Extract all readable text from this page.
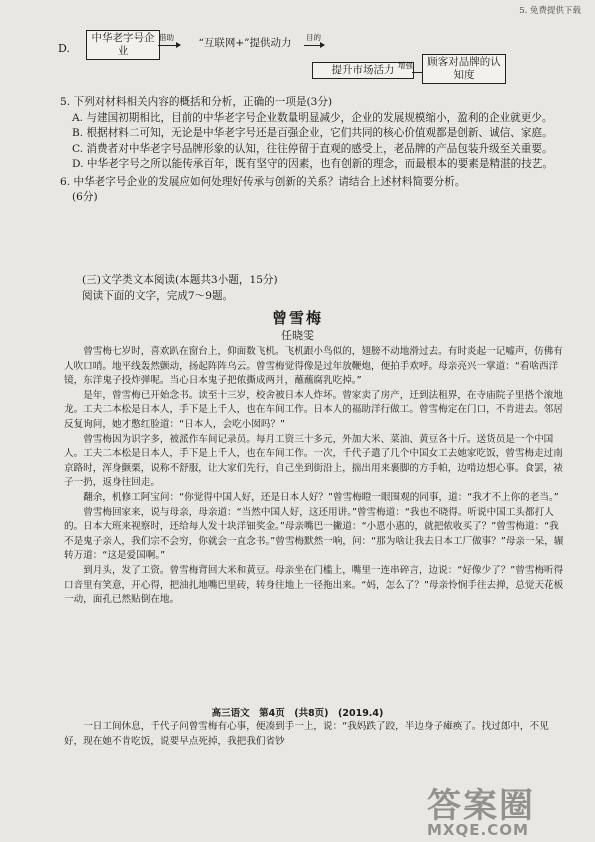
5. 免费提供下载
D.
中华老字号企业
借助	“互联网+”提供动力	目的
提升市场活力 增强	顾客对品牌的认知度
5. 下列对材料相关内容的概括和分析，正确的一项是(3分)
A. 与建国初期相比，目前的中华老字号企业数量明显减少，企业的发展规模缩小，盈利的企业就更少。
B. 根据材料二可知，无论是中华老字号还是百强企业，它们共同的核心价值观都是创新、诚信、家庭。
C. 消费者对中华老字号品牌形象的认知，往往停留于直观的感受上，老品牌的产品包装升级至关重要。
D. 中华老字号之所以能传承百年，既有坚守的因素，也有创新的理念，而最根本的要素是精湛的技艺。
6. 中华老字号企业的发展应如何处理好传承与创新的关系？请结合上述材料简要分析。
(6分)
(三)文学类文本阅读(本题共3小题，15分)
阅读下面的文字，完成7～9题。
曾雪梅
任晓雯

曾雪梅七岁时，喜欢趴在窗台上，仰面数飞机。飞机跟小鸟似的，翅膀不动地滑过去。有时炎起一记嘘声，仿佛有人吹口哨。地平线轰然颤动，扬起阵阵乌云。曾雪梅觉得像是过年放鞭炮，便拍手欢呼。母亲亮兴一掌道：“看啥西洋镜，东洋鬼子投炸弹呢。当心日本鬼子把侬撕成两爿，蘸蘸腐乳吃掉。”

是年，曾雪梅已开始念书。读至十三岁，校舍被日本人炸坏。曾家卖了房产，迁到法租界，在寺庙院子里搭个滚地龙。工夫二本松是日本人，手下是上千人，也在车间工作。日本人的福助洋行做工。曾雪梅定在门口，不肯进去。邻居反复询问，她才憋红脸道：“日本人，会吃小囡吗？”

曾雪梅因为识字多，被派作车间记录员。每月工资三十多元，外加大米、菜油、黄豆各十斤。送货员是一个中国人。工夫二本松是日本人，手下是上千人，也在车间工作。一次，千代子遣了几个中国女工去她家吃饭，曾雪梅走过南京路时，浑身颤栗，说称不舒服，让大家们先行，自己坐到街沿上，揣出用来裹脚的方手帕，边啃边想心事。食罢，裱子一扔，返身往回走。

翻余，机修工阿宝问：“你觉得中国人好，还是日本人好？”曾雪梅瞪一眼围观的同事，道：“我才不上你的老当。”

曾雪梅回家来，说与母亲，母亲道：“当然中国人好，这还用讲。”曾雪梅道：“我也不晓得。听说中国工头都打人的。日本大班来视察时，还给每人发十块洋钿奖金。”母亲嘴巴一撇道：“小恩小惠的，就把侬收买了？”曾雪梅道：“我不是鬼子亲人，我们宗不会穷，你就会一直念书。”曾雪梅默然一响，问：“那为啥让我去日本工厂做事？”母亲一呆，辗转万道：“这是爱国啊。”

到月头，发了工资。曾雪梅背回大米和黄豆。母亲坐在门槛上，嘴里一连串碎言，边说：“好像少了？”曾雪梅听得口音里有笑意，开心得，把油扎地嘴巴里砖，转身往地上一径拖出来。“妈，怎么了？”母亲怜悯手往去掸，总觉天花板一动，面孔已然贴倒在地。

高三语文　第4页　(共8页)　(2019.4)

一日工间休息，千代子问曾雪梅有心事，便凑到手一上，说：“我妈跌了跤，半边身子瘫痪了。找过郎中，不见好，现在她不肯吃饭，说要早点死掉，我把我们省钞

答案圈
MXQE.COM
